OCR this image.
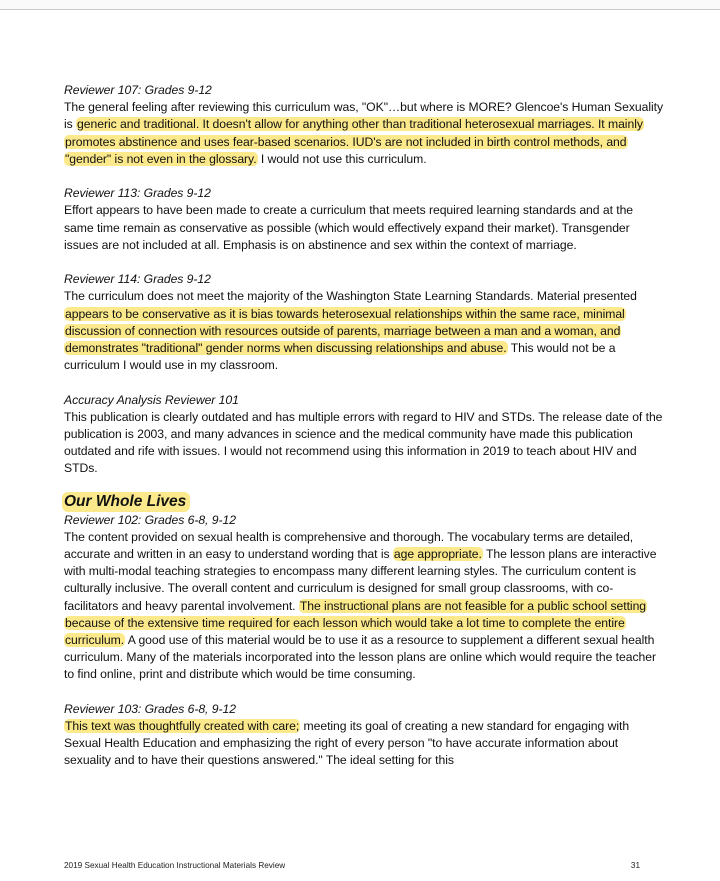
Reviewer 107: Grades 9-12
The general feeling after reviewing this curriculum was, "OK"…but where is MORE? Glencoe's Human Sexuality is generic and traditional. It doesn't allow for anything other than traditional heterosexual marriages. It mainly promotes abstinence and uses fear-based scenarios. IUD's are not included in birth control methods, and "gender" is not even in the glossary. I would not use this curriculum.
Reviewer 113: Grades 9-12
Effort appears to have been made to create a curriculum that meets required learning standards and at the same time remain as conservative as possible (which would effectively expand their market). Transgender issues are not included at all. Emphasis is on abstinence and sex within the context of marriage.
Reviewer 114: Grades 9-12
The curriculum does not meet the majority of the Washington State Learning Standards. Material presented appears to be conservative as it is bias towards heterosexual relationships within the same race, minimal discussion of connection with resources outside of parents, marriage between a man and a woman, and demonstrates "traditional" gender norms when discussing relationships and abuse. This would not be a curriculum I would use in my classroom.
Accuracy Analysis Reviewer 101
This publication is clearly outdated and has multiple errors with regard to HIV and STDs. The release date of the publication is 2003, and many advances in science and the medical community have made this publication outdated and rife with issues. I would not recommend using this information in 2019 to teach about HIV and STDs.
Our Whole Lives
Reviewer 102: Grades 6-8, 9-12
The content provided on sexual health is comprehensive and thorough. The vocabulary terms are detailed, accurate and written in an easy to understand wording that is age appropriate. The lesson plans are interactive with multi-modal teaching strategies to encompass many different learning styles. The curriculum content is culturally inclusive. The overall content and curriculum is designed for small group classrooms, with co-facilitators and heavy parental involvement. The instructional plans are not feasible for a public school setting because of the extensive time required for each lesson which would take a lot time to complete the entire curriculum. A good use of this material would be to use it as a resource to supplement a different sexual health curriculum. Many of the materials incorporated into the lesson plans are online which would require the teacher to find online, print and distribute which would be time consuming.
Reviewer 103: Grades 6-8, 9-12
This text was thoughtfully created with care; meeting its goal of creating a new standard for engaging with Sexual Health Education and emphasizing the right of every person "to have accurate information about sexuality and to have their questions answered." The ideal setting for this
2019 Sexual Health Education Instructional Materials Review	31
